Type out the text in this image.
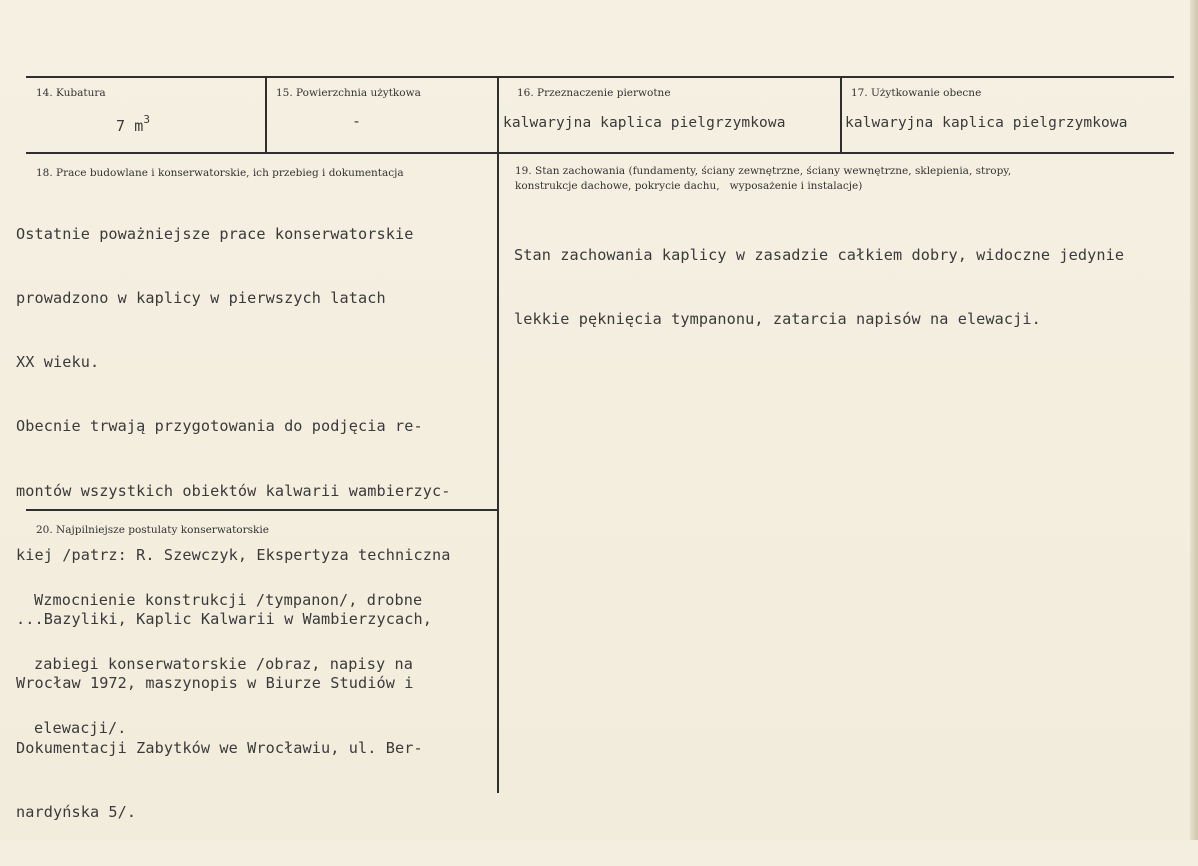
14. Kubatura
7 $m^3$
15. Powierzchnia użytkowa
-
16. Przeznaczenie pierwotne
kalwaryjna kaplica pielgrzymkowa
17. Użytkowanie obecne
kalwaryjna kaplica pielgrzymkowa
18. Prace budowlane i konserwatorskie, ich przebieg i dokumentacja

Ostatnie poważniejsze prace konserwatorskie

prowadzono w kaplicy w pierwszych latach

XX wieku.

Obecnie trwają przygotowania do podjęcia re-

montów wszystkich obiektów kalwarii wambierzyc-

kiej /patrz: R. Szewczyk, Ekspertyza techniczna

...Bazyliki, Kaplic Kalwarii w Wambierzycach,

Wrocław 1972, maszynopis w Biurze Studiów i

Dokumentacji Zabytków we Wrocławiu, ul. Ber-

nardyńska 5/.

19. Stan zachowania (fundamenty, ściany zewnętrzne, ściany wewnętrzne, sklepienia, stropy,
konstrukcje dachowe, pokrycie dachu,   wyposażenie i instalacje)

Stan zachowania kaplicy w zasadzie całkiem dobry, widoczne jedynie

lekkie pęknięcia tympanonu, zatarcia napisów na elewacji.

20. Najpilniejsze postulaty konserwatorskie

Wzmocnienie konstrukcji /tympanon/, drobne

zabiegi konserwatorskie /obraz, napisy na

elewacji/.
